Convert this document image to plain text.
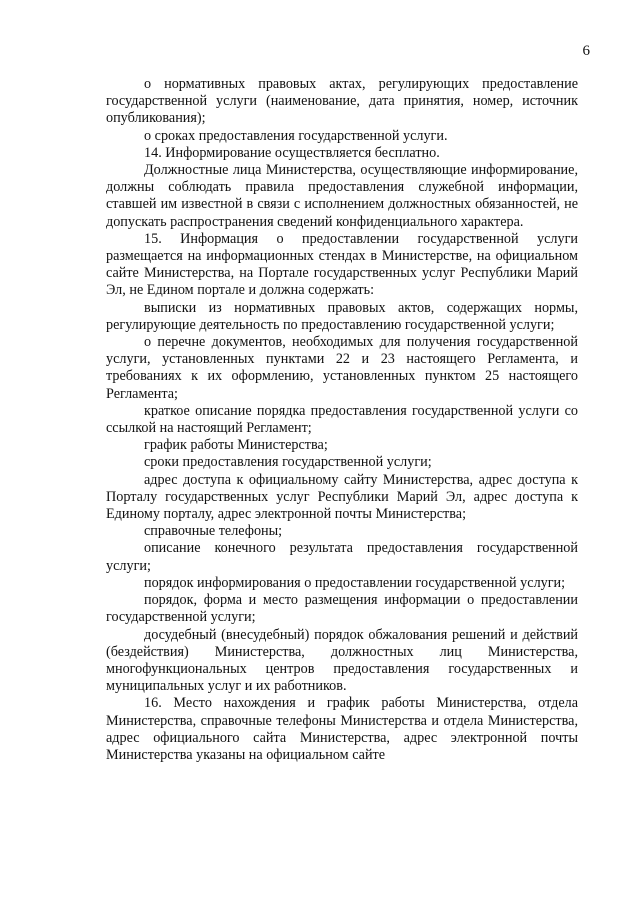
6

о нормативных правовых актах, регулирующих предоставление государственной услуги (наименование, дата принятия, номер, источник опубликования);

о сроках предоставления государственной услуги.

14. Информирование осуществляется бесплатно.

Должностные лица Министерства, осуществляющие информирование, должны соблюдать правила предоставления служебной информации, ставшей им известной в связи с исполнением должностных обязанностей, не допускать распространения сведений конфиденциального характера.

15. Информация о предоставлении государственной услуги размещается на информационных стендах в Министерстве, на официальном сайте Министерства, на Портале государственных услуг Республики Марий Эл, не Едином портале и должна содержать:

выписки из нормативных правовых актов, содержащих нормы, регулирующие деятельность по предоставлению государственной услуги;

о перечне документов, необходимых для получения государственной услуги, установленных пунктами 22 и 23 настоящего Регламента, и требованиях к их оформлению, установленных пунктом 25 настоящего Регламента;

краткое описание порядка предоставления государственной услуги со ссылкой на настоящий Регламент;

график работы Министерства;

сроки предоставления государственной услуги;

адрес доступа к официальному сайту Министерства, адрес доступа к Порталу государственных услуг Республики Марий Эл, адрес доступа к Единому порталу, адрес электронной почты Министерства;

справочные телефоны;

описание конечного результата предоставления государственной услуги;

порядок информирования о предоставлении государственной услуги;

порядок, форма и место размещения информации о предоставлении государственной услуги;

досудебный (внесудебный) порядок обжалования решений и действий (бездействия) Министерства, должностных лиц Министерства, многофункциональных центров предоставления государственных и муниципальных услуг и их работников.

16. Место нахождения и график работы Министерства, отдела Министерства, справочные телефоны Министерства и отдела Министерства, адрес официального сайта Министерства, адрес электронной почты Министерства указаны на официальном сайте
